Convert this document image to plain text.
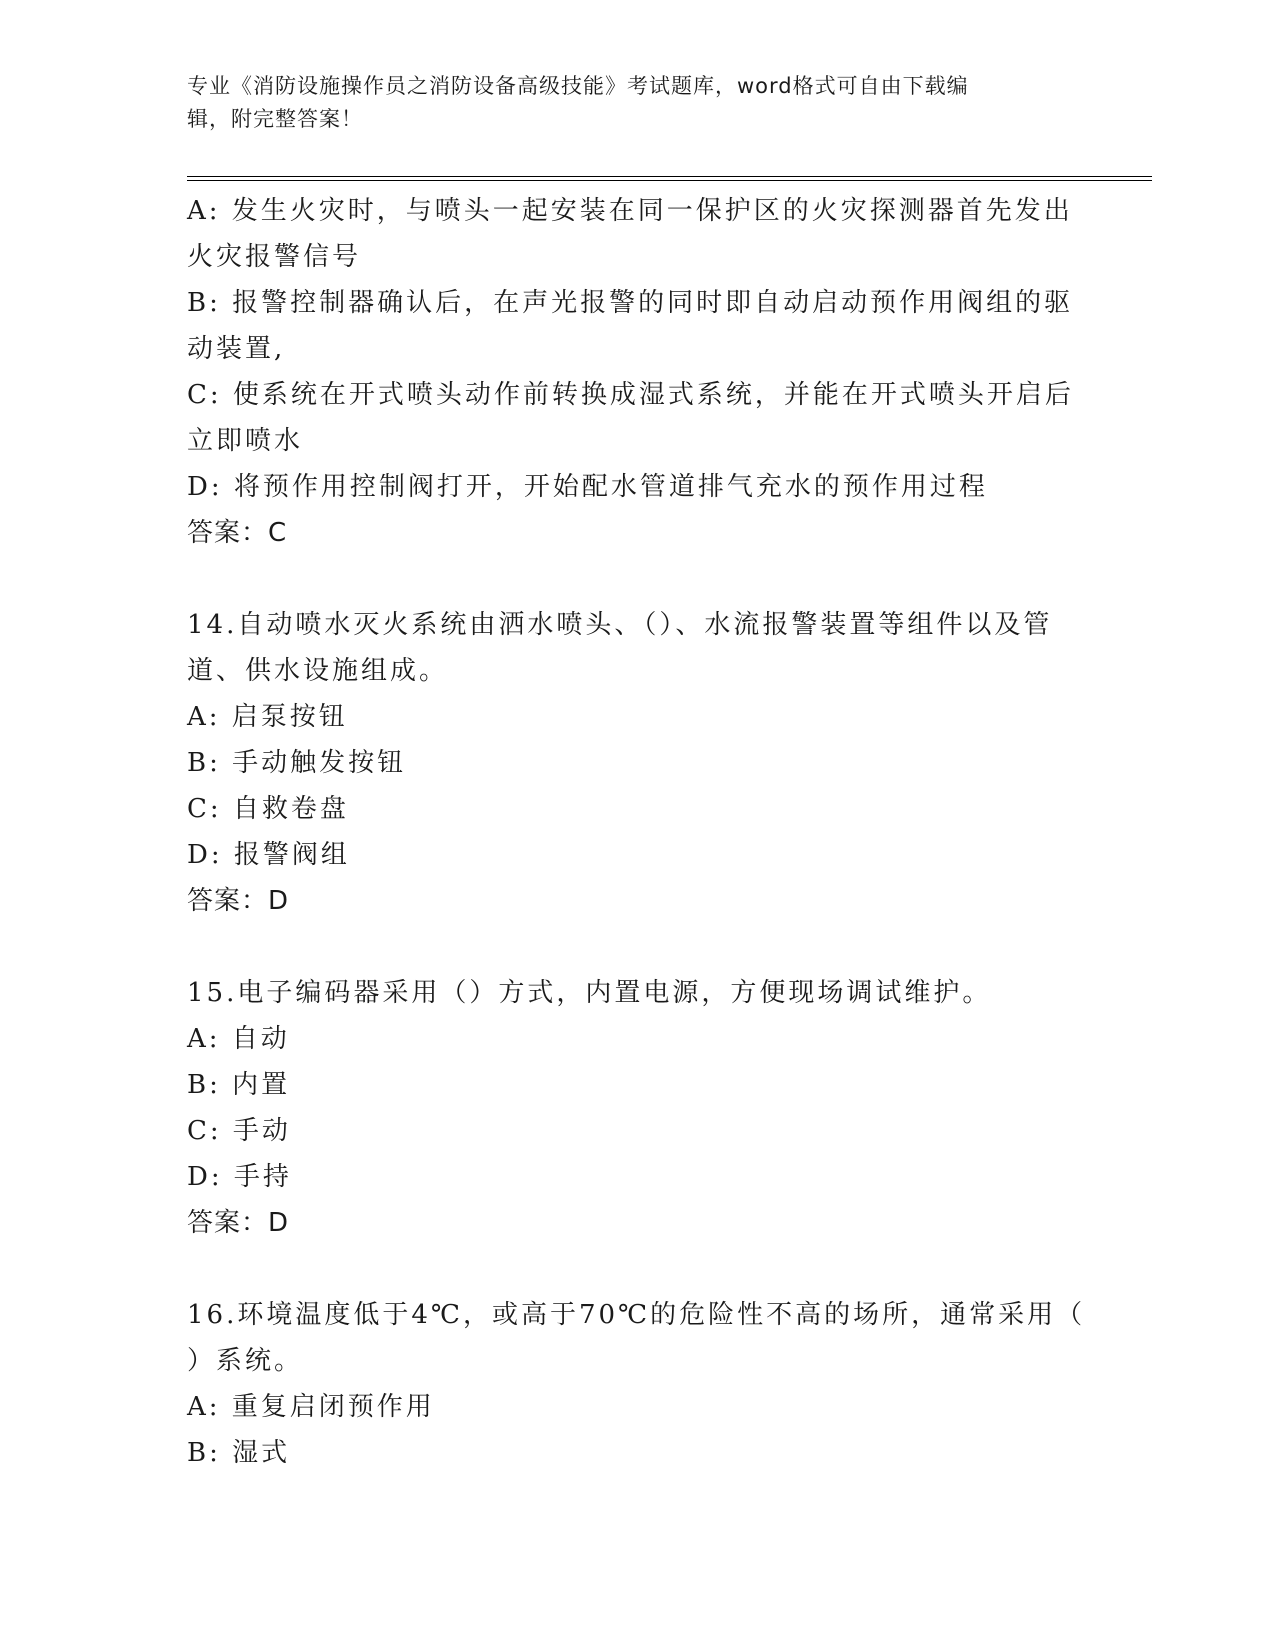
专业《消防设施操作员之消防设备高级技能》考试题库，word格式可自由下载编
辑，附完整答案！
A: 发生火灾时，与喷头一起安装在同一保护区的火灾探测器首先发出
火灾报警信号
B: 报警控制器确认后，在声光报警的同时即自动启动预作用阀组的驱
动装置,
C: 使系统在开式喷头动作前转换成湿式系统，并能在开式喷头开启后
立即喷水
D: 将预作用控制阀打开，开始配水管道排气充水的预作用过程
答案：C
14.自动喷水灭火系统由洒水喷头、（）、水流报警装置等组件以及管
道、供水设施组成。
A: 启泵按钮
B: 手动触发按钮
C: 自救卷盘
D: 报警阀组
答案：D
15.电子编码器采用（）方式，内置电源，方便现场调试维护。
A: 自动
B: 内置
C: 手动
D: 手持
答案：D
16.环境温度低于4℃，或高于70℃的危险性不高的场所，通常采用（
）系统。
A: 重复启闭预作用
B: 湿式
